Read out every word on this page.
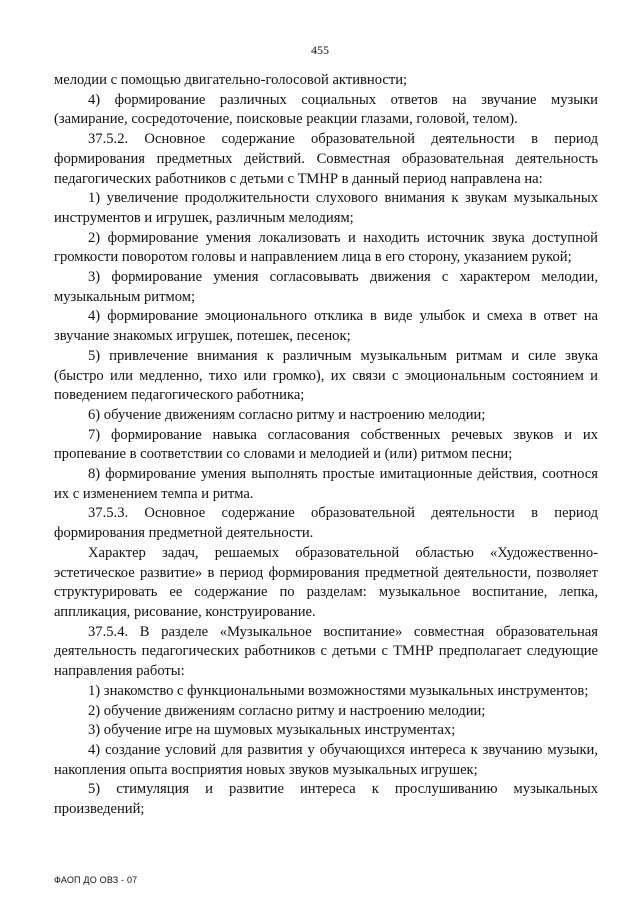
455

мелодии с помощью двигательно-голосовой активности;

4) формирование различных социальных ответов на звучание музыки (замирание, сосредоточение, поисковые реакции глазами, головой, телом).

37.5.2. Основное содержание образовательной деятельности в период формирования предметных действий. Совместная образовательная деятельность педагогических работников с детьми с ТМНР в данный период направлена на:

1) увеличение продолжительности слухового внимания к звукам музыкальных инструментов и игрушек, различным мелодиям;

2) формирование умения локализовать и находить источник звука доступной громкости поворотом головы и направлением лица в его сторону, указанием рукой;

3) формирование умения согласовывать движения с характером мелодии, музыкальным ритмом;

4) формирование эмоционального отклика в виде улыбок и смеха в ответ на звучание знакомых игрушек, потешек, песенок;

5) привлечение внимания к различным музыкальным ритмам и силе звука (быстро или медленно, тихо или громко), их связи с эмоциональным состоянием и поведением педагогического работника;

6) обучение движениям согласно ритму и настроению мелодии;

7) формирование навыка согласования собственных речевых звуков и их пропевание в соответствии со словами и мелодией и (или) ритмом песни;

8) формирование умения выполнять простые имитационные действия, соотнося их с изменением темпа и ритма.

37.5.3. Основное содержание образовательной деятельности в период формирования предметной деятельности.

Характер задач, решаемых образовательной областью «Художественно-эстетическое развитие» в период формирования предметной деятельности, позволяет структурировать ее содержание по разделам: музыкальное воспитание, лепка, аппликация, рисование, конструирование.

37.5.4. В разделе «Музыкальное воспитание» совместная образовательная деятельность педагогических работников с детьми с ТМНР предполагает следующие направления работы:

1) знакомство с функциональными возможностями музыкальных инструментов;

2) обучение движениям согласно ритму и настроению мелодии;

3) обучение игре на шумовых музыкальных инструментах;

4) создание условий для развития у обучающихся интереса к звучанию музыки, накопления опыта восприятия новых звуков музыкальных игрушек;

5) стимуляция и развитие интереса к прослушиванию музыкальных произведений;

ФАОП ДО ОВЗ - 07
